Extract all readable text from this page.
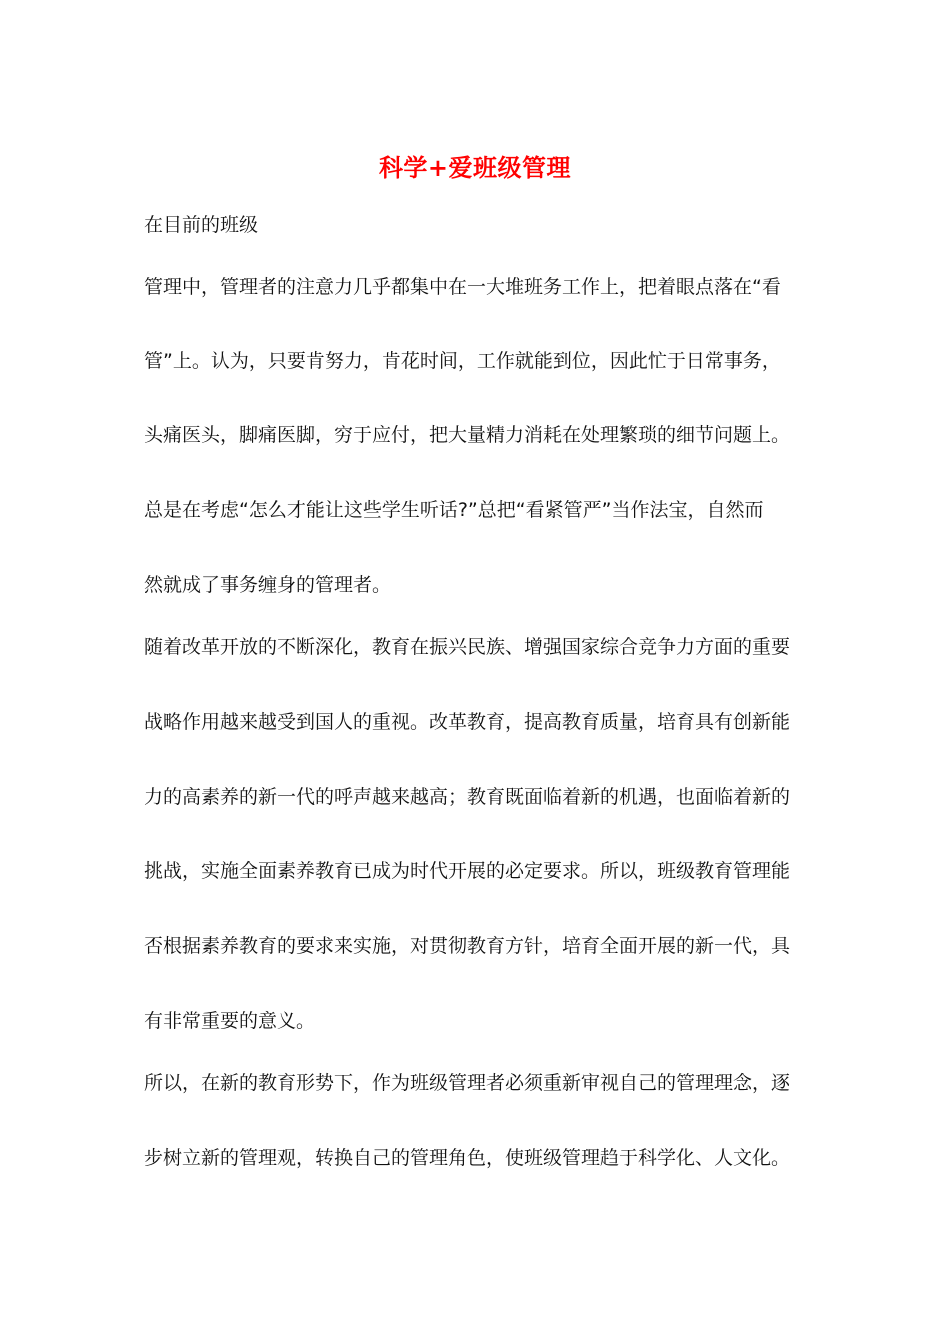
科学+爱班级管理
在目前的班级
管理中，管理者的注意力几乎都集中在一大堆班务工作上，把着眼点落在“看
管”上。认为，只要肯努力，肯花时间，工作就能到位，因此忙于日常事务，
头痛医头，脚痛医脚，穷于应付，把大量精力消耗在处理繁琐的细节问题上。
总是在考虑“怎么才能让这些学生听话?”总把“看紧管严”当作法宝，自然而
然就成了事务缠身的管理者。
随着改革开放的不断深化，教育在振兴民族、增强国家综合竞争力方面的重要
战略作用越来越受到国人的重视。改革教育，提高教育质量，培育具有创新能
力的高素养的新一代的呼声越来越高；教育既面临着新的机遇，也面临着新的
挑战，实施全面素养教育已成为时代开展的必定要求。所以，班级教育管理能
否根据素养教育的要求来实施，对贯彻教育方针，培育全面开展的新一代，具
有非常重要的意义。
所以，在新的教育形势下，作为班级管理者必须重新审视自己的管理理念，逐
步树立新的管理观，转换自己的管理角色，使班级管理趋于科学化、人文化。
